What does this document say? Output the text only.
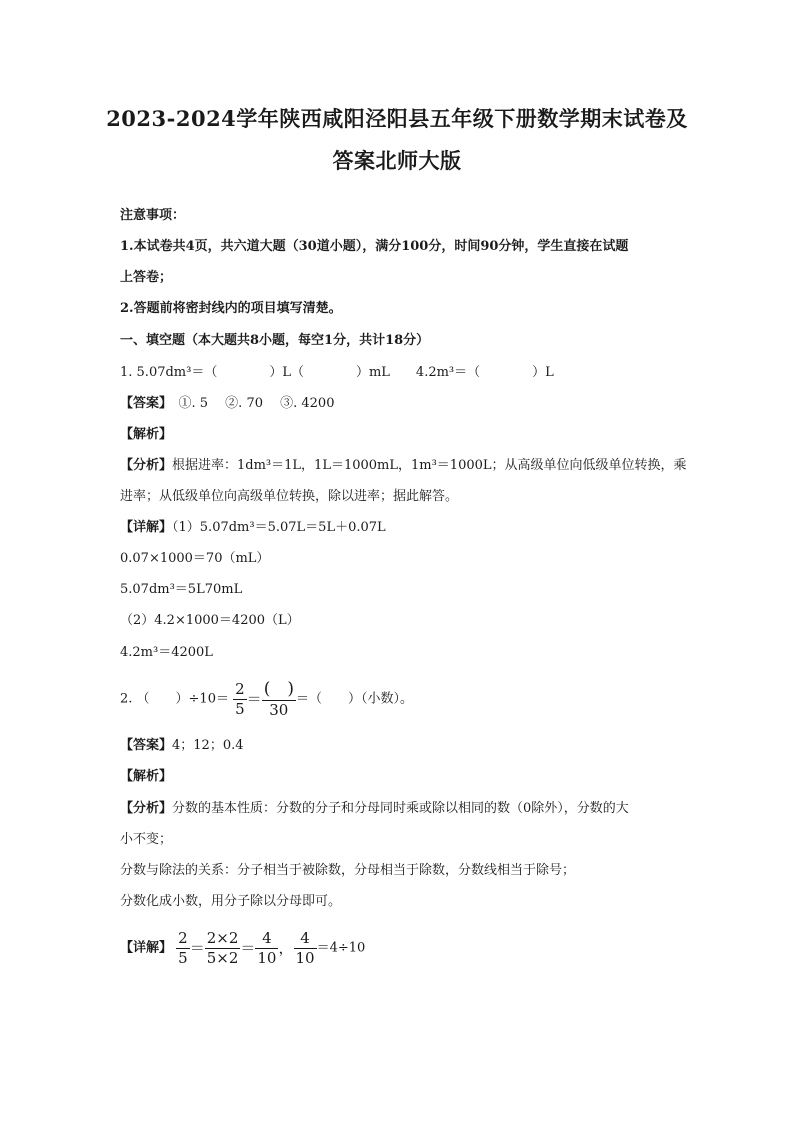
2023-2024学年陕西咸阳泾阳县五年级下册数学期末试卷及
答案北师大版
注意事项：
1.本试卷共4页，共六道大题（30道小题），满分100分，时间90分钟，学生直接在试题
上答卷；
2.答题前将密封线内的项目填写清楚。
一、填空题（本大题共8小题，每空1分，共计18分）
1. 5.07dm³＝（　　　　）L（　　　　）mL　　4.2m³＝（　　　　）L
【答案】　①. 5　 ②. 70　 ③. 4200
【解析】
【分析】根据进率：1dm³＝1L，1L＝1000mL，1m³＝1000L；从高级单位向低级单位转换，乘
进率；从低级单位向高级单位转换，除以进率；据此解答。
【详解】（1）5.07dm³＝5.07L＝5L＋0.07L
0.07×1000＝70（mL）
5.07dm³＝5L70mL
（2）4.2×1000＝4200（L）
4.2m³＝4200L
2. （　　）$\div 10= \frac{2}{5} = \frac{( )}{30}$ ＝（　　）（小数）。
【答案】4；12；0.4
【解析】
【分析】分数的基本性质：分数的分子和分母同时乘或除以相同的数（0除外），分数的大
小不变；
分数与除法的关系：分子相当于被除数，分母相当于除数，分数线相当于除号；
分数化成小数，用分子除以分母即可。
【详解】 $\frac{2}{5} = \frac{2\times 2}{5\times 2} = \frac{4}{10}$ ， $\frac{4}{10} =4\div 10$
